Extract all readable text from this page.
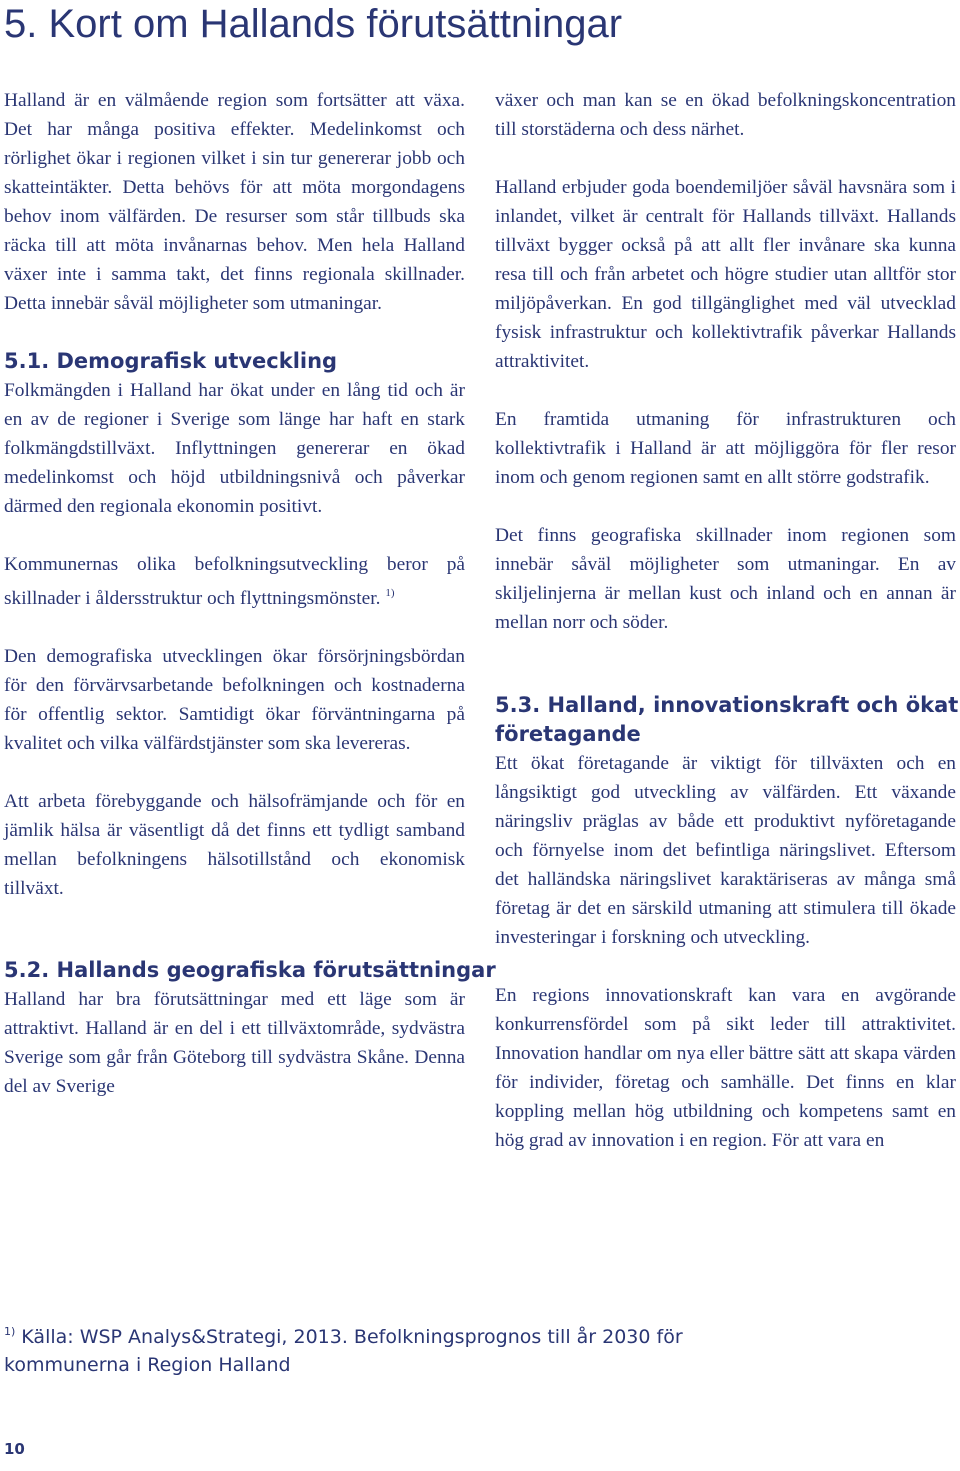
5. Kort om Hallands förutsättningar

Halland är en välmående region som fortsätter att växa. Det har många positiva effekter. Medelinkomst och rörlighet ökar i regionen vilket i sin tur genererar jobb och skatteintäkter. Detta behövs för att möta morgondagens behov inom välfärden. De resurser som står tillbuds ska räcka till att möta invånarnas behov. Men hela Halland växer inte i samma takt, det finns regionala skillnader. Detta innebär såväl möjligheter som utmaningar.

5.1. Demografisk utveckling

Folkmängden i Halland har ökat under en lång tid och är en av de regioner i Sverige som länge har haft en stark folkmängdstillväxt. Inflyttningen genererar en ökad medelinkomst och höjd utbildningsnivå och påverkar därmed den regionala ekonomin positivt.

Kommunernas olika befolkningsutveckling beror på skillnader i åldersstruktur och flyttningsmönster. $^{1)}$

Den demografiska utvecklingen ökar försörjningsbördan för den förvärvsarbetande befolkningen och kostnaderna för offentlig sektor. Samtidigt ökar förväntningarna på kvalitet och vilka välfärdstjänster som ska levereras.

Att arbeta förebyggande och hälsofrämjande och för en jämlik hälsa är väsentligt då det finns ett tydligt samband mellan befolkningens hälsotillstånd och ekonomisk tillväxt.

5.2. Hallands geografiska förutsättningar

Halland har bra förutsättningar med ett läge som är attraktivt. Halland är en del i ett tillväxtområde, sydvästra Sverige som går från Göteborg till sydvästra Skåne. Denna del av Sverige

växer och man kan se en ökad befolkningskoncentration till storstäderna och dess närhet.

Halland erbjuder goda boendemiljöer såväl havsnära som i inlandet, vilket är centralt för Hallands tillväxt. Hallands tillväxt bygger också på att allt fler invånare ska kunna resa till och från arbetet och högre studier utan alltför stor miljöpåverkan. En god tillgänglighet med väl utvecklad fysisk infrastruktur och kollektivtrafik påverkar Hallands attraktivitet.

En framtida utmaning för infrastrukturen och kollektivtrafik i Halland är att möjliggöra för fler resor inom och genom regionen samt en allt större godstrafik.

Det finns geografiska skillnader inom regionen som innebär såväl möjligheter som utmaningar. En av skiljelinjerna är mellan kust och inland och en annan är mellan norr och söder.

5.3. Halland, innovationskraft och ökat
företagande

Ett ökat företagande är viktigt för tillväxten och en långsiktigt god utveckling av välfärden. Ett växande näringsliv präglas av både ett produktivt nyföretagande och förnyelse inom det befintliga näringslivet. Eftersom det halländska näringslivet karaktäriseras av många små företag är det en särskild utmaning att stimulera till ökade investeringar i forskning och utveckling.

En regions innovationskraft kan vara en avgörande konkurrensfördel som på sikt leder till attraktivitet. Innovation handlar om nya eller bättre sätt att skapa värden för individer, företag och samhälle. Det finns en klar koppling mellan hög utbildning och kompetens samt en hög grad av innovation i en region. För att vara en

$^{1)}$ Källa: WSP Analys&Strategi, 2013. Befolkningsprognos till år 2030 för kommunerna i Region Halland
10
